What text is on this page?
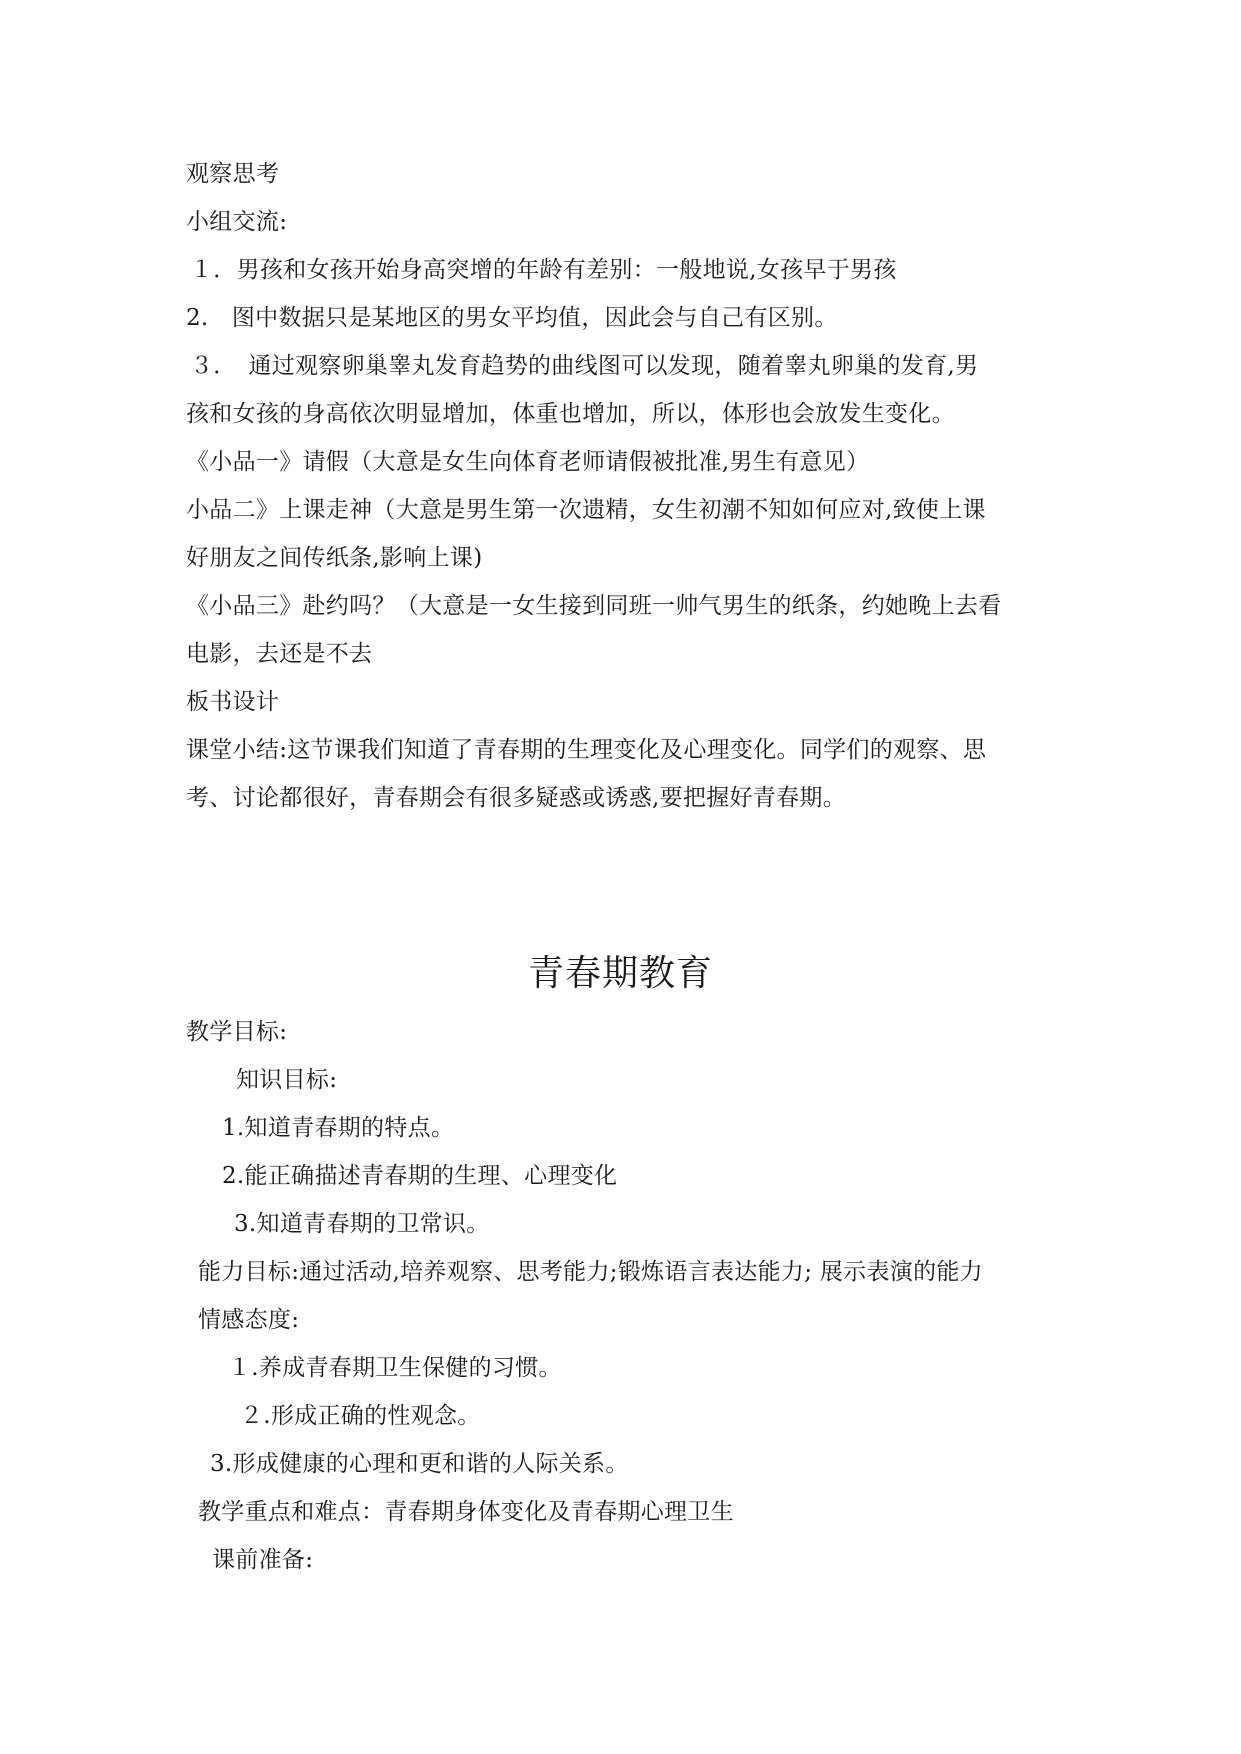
观察思考
小组交流:
１．男孩和女孩开始身高突增的年龄有差别：一般地说,女孩早于男孩
2.　图中数据只是某地区的男女平均值，因此会与自己有区别。
３．　通过观察卵巢睾丸发育趋势的曲线图可以发现，随着睾丸卵巢的发育,男
孩和女孩的身高依次明显增加，体重也增加，所以，体形也会放发生变化。
《小品一》请假（大意是女生向体育老师请假被批准,男生有意见）
小品二》上课走神（大意是男生第一次遗精，女生初潮不知如何应对,致使上课
好朋友之间传纸条,影响上课)
《小品三》赴约吗？（大意是一女生接到同班一帅气男生的纸条，约她晚上去看
电影，去还是不去
板书设计
课堂小结:这节课我们知道了青春期的生理变化及心理变化。同学们的观察、思
考、讨论都很好，青春期会有很多疑惑或诱惑,要把握好青春期。
青春期教育
教学目标:
知识目标:
1.知道青春期的特点。
2.能正确描述青春期的生理、心理变化
3.知道青春期的卫常识。
能力目标:通过活动,培养观察、思考能力;锻炼语言表达能力; 展示表演的能力
情感态度:
１.养成青春期卫生保健的习惯。
２.形成正确的性观念。
3.形成健康的心理和更和谐的人际关系。
教学重点和难点：青春期身体变化及青春期心理卫生
课前准备:
